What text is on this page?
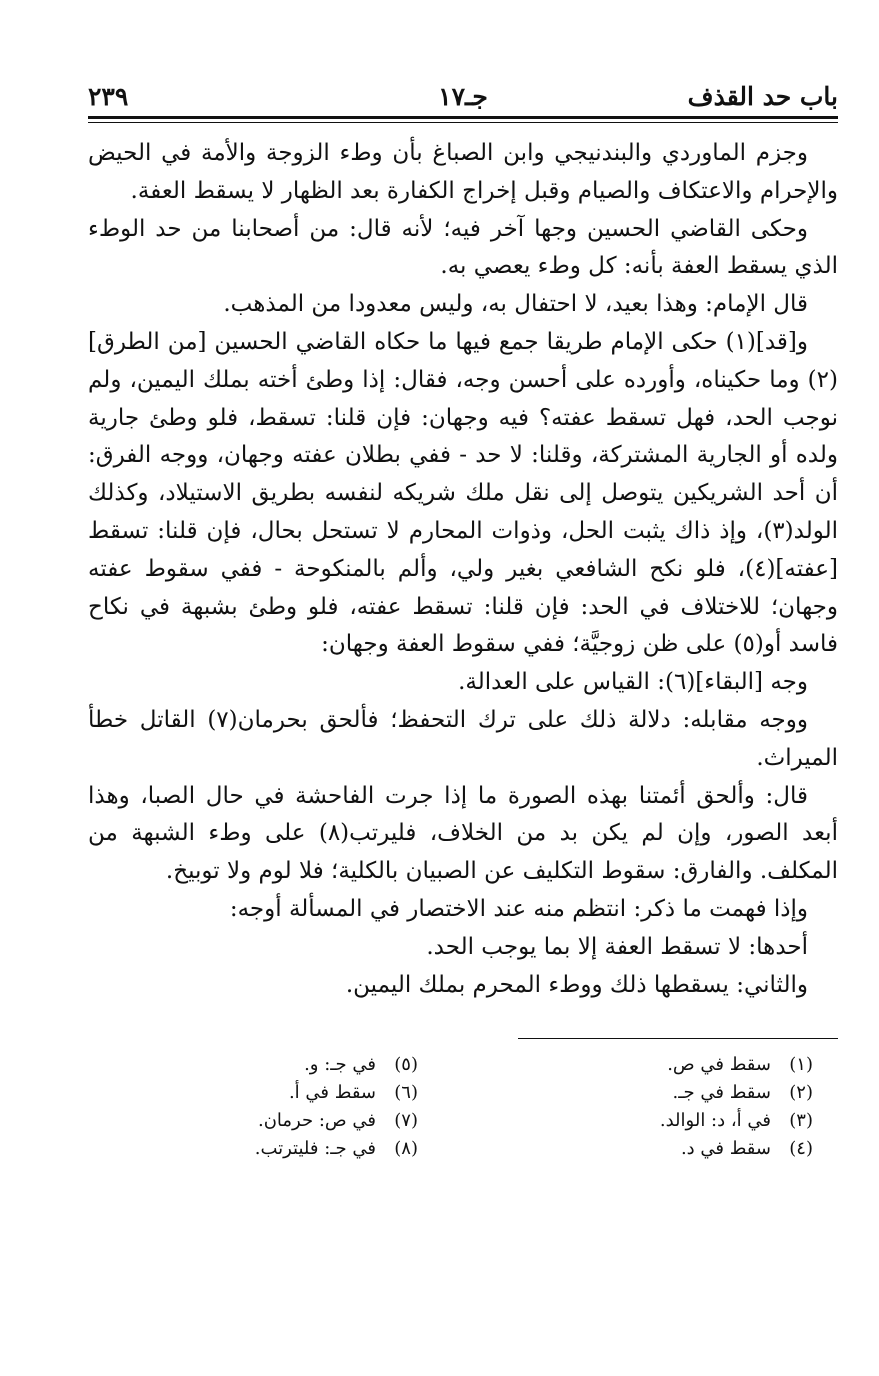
باب حد القذف
جـ١٧
٢٣٩

وجزم الماوردي والبندنيجي وابن الصباغ بأن وطء الزوجة والأمة في الحيض والإحرام والاعتكاف والصيام وقبل إخراج الكفارة بعد الظهار لا يسقط العفة.

وحكى القاضي الحسين وجها آخر فيه؛ لأنه قال: من أصحابنا من حد الوطء الذي يسقط العفة بأنه: كل وطء يعصي به.

قال الإمام: وهذا بعيد، لا احتفال به، وليس معدودا من المذهب.

و[قد](١) حكى الإمام طريقا جمع فيها ما حكاه القاضي الحسين [من الطرق](٢) وما حكيناه، وأورده على أحسن وجه، فقال: إذا وطئ أخته بملك اليمين، ولم نوجب الحد، فهل تسقط عفته؟ فيه وجهان: فإن قلنا: تسقط، فلو وطئ جارية ولده أو الجارية المشتركة، وقلنا: لا حد - ففي بطلان عفته وجهان، ووجه الفرق: أن أحد الشريكين يتوصل إلى نقل ملك شريكه لنفسه بطريق الاستيلاد، وكذلك الولد(٣)، وإذ ذاك يثبت الحل، وذوات المحارم لا تستحل بحال، فإن قلنا: تسقط [عفته](٤)، فلو نكح الشافعي بغير ولي، وألم بالمنكوحة - ففي سقوط عفته وجهان؛ للاختلاف في الحد: فإن قلنا: تسقط عفته، فلو وطئ بشبهة في نكاح فاسد أو(٥) على ظن زوجيَّة؛ ففي سقوط العفة وجهان:

وجه [البقاء](٦): القياس على العدالة.

ووجه مقابله: دلالة ذلك على ترك التحفظ؛ فألحق بحرمان(٧) القاتل خطأ الميراث.

قال: وألحق أئمتنا بهذه الصورة ما إذا جرت الفاحشة في حال الصبا، وهذا أبعد الصور، وإن لم يكن بد من الخلاف، فليرتب(٨) على وطء الشبهة من المكلف. والفارق: سقوط التكليف عن الصبيان بالكلية؛ فلا لوم ولا توبيخ.

وإذا فهمت ما ذكر: انتظم منه عند الاختصار في المسألة أوجه:

أحدها: لا تسقط العفة إلا بما يوجب الحد.

والثاني: يسقطها ذلك ووطء المحرم بملك اليمين.

(١)سقط في ص.
(٢)سقط في جـ.
(٣)في أ، د: الوالد.
(٤)سقط في د.
(٥)في جـ: و.
(٦)سقط في أ.
(٧)في ص: حرمان.
(٨)في جـ: فليترتب.
